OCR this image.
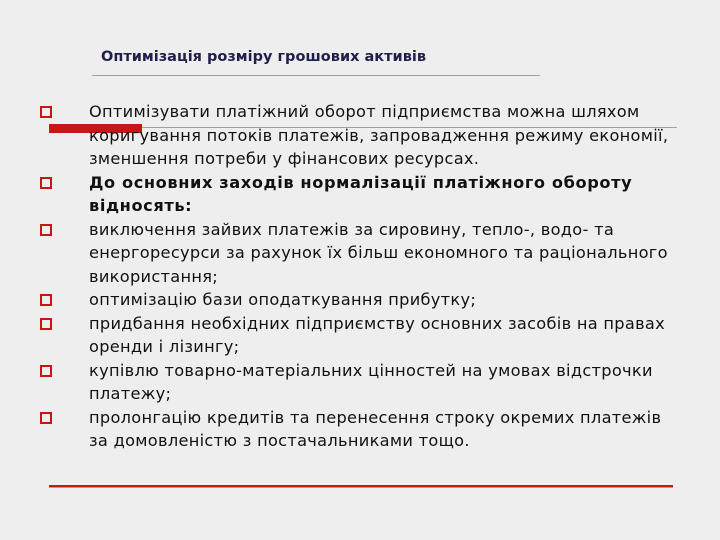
Оптимізація розміру грошових активів
Оптимізувати платіжний оборот підприємства можна шляхом коригування потоків платежів, запровадження режиму економії, зменшення потреби у фінансових ресурсах.
До основних заходів нормалізації платіжного обороту відносять:
виключення зайвих платежів за сировину, тепло-, водо- та енергоресурси за рахунок їх більш економного та раціонального використання;
оптимізацію бази оподаткування прибутку;
придбання необхідних підприємству основних засобів на правах оренди і лізингу;
купівлю товарно-матеріальних цінностей на умовах відстрочки платежу;
пролонгацію кредитів та перенесення строку окремих платежів за домовленістю з постачальниками тощо.
